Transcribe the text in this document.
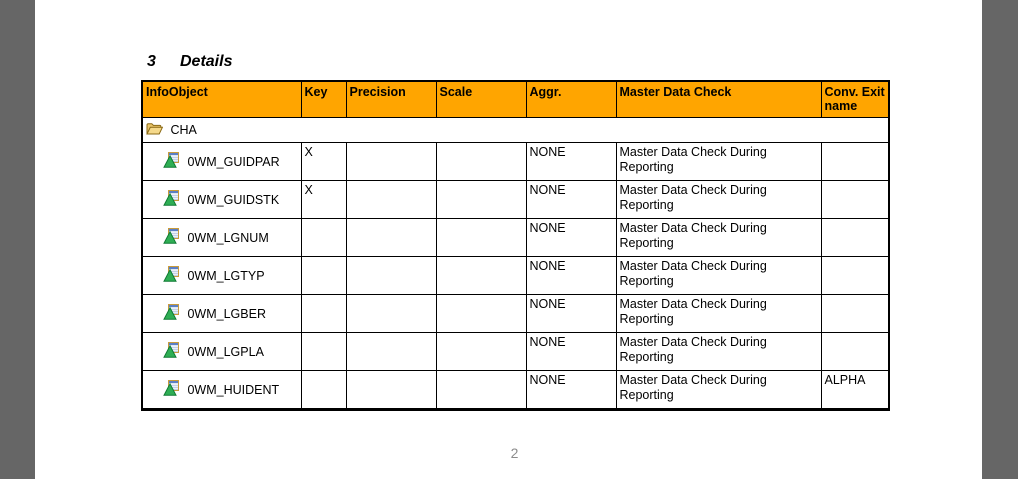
3 Details
InfoObject	Key	Precision	Scale	Aggr.	Master Data Check	Conv. Exit name
CHA						
0WM_GUIDPAR	X			NONE	Master Data Check During Reporting	
0WM_GUIDSTK	X			NONE	Master Data Check During Reporting	
0WM_LGNUM				NONE	Master Data Check During Reporting	
0WM_LGTYP				NONE	Master Data Check During Reporting	
0WM_LGBER				NONE	Master Data Check During Reporting	
0WM_LGPLA				NONE	Master Data Check During Reporting	
0WM_HUIDENT				NONE	Master Data Check During Reporting	ALPHA
2
